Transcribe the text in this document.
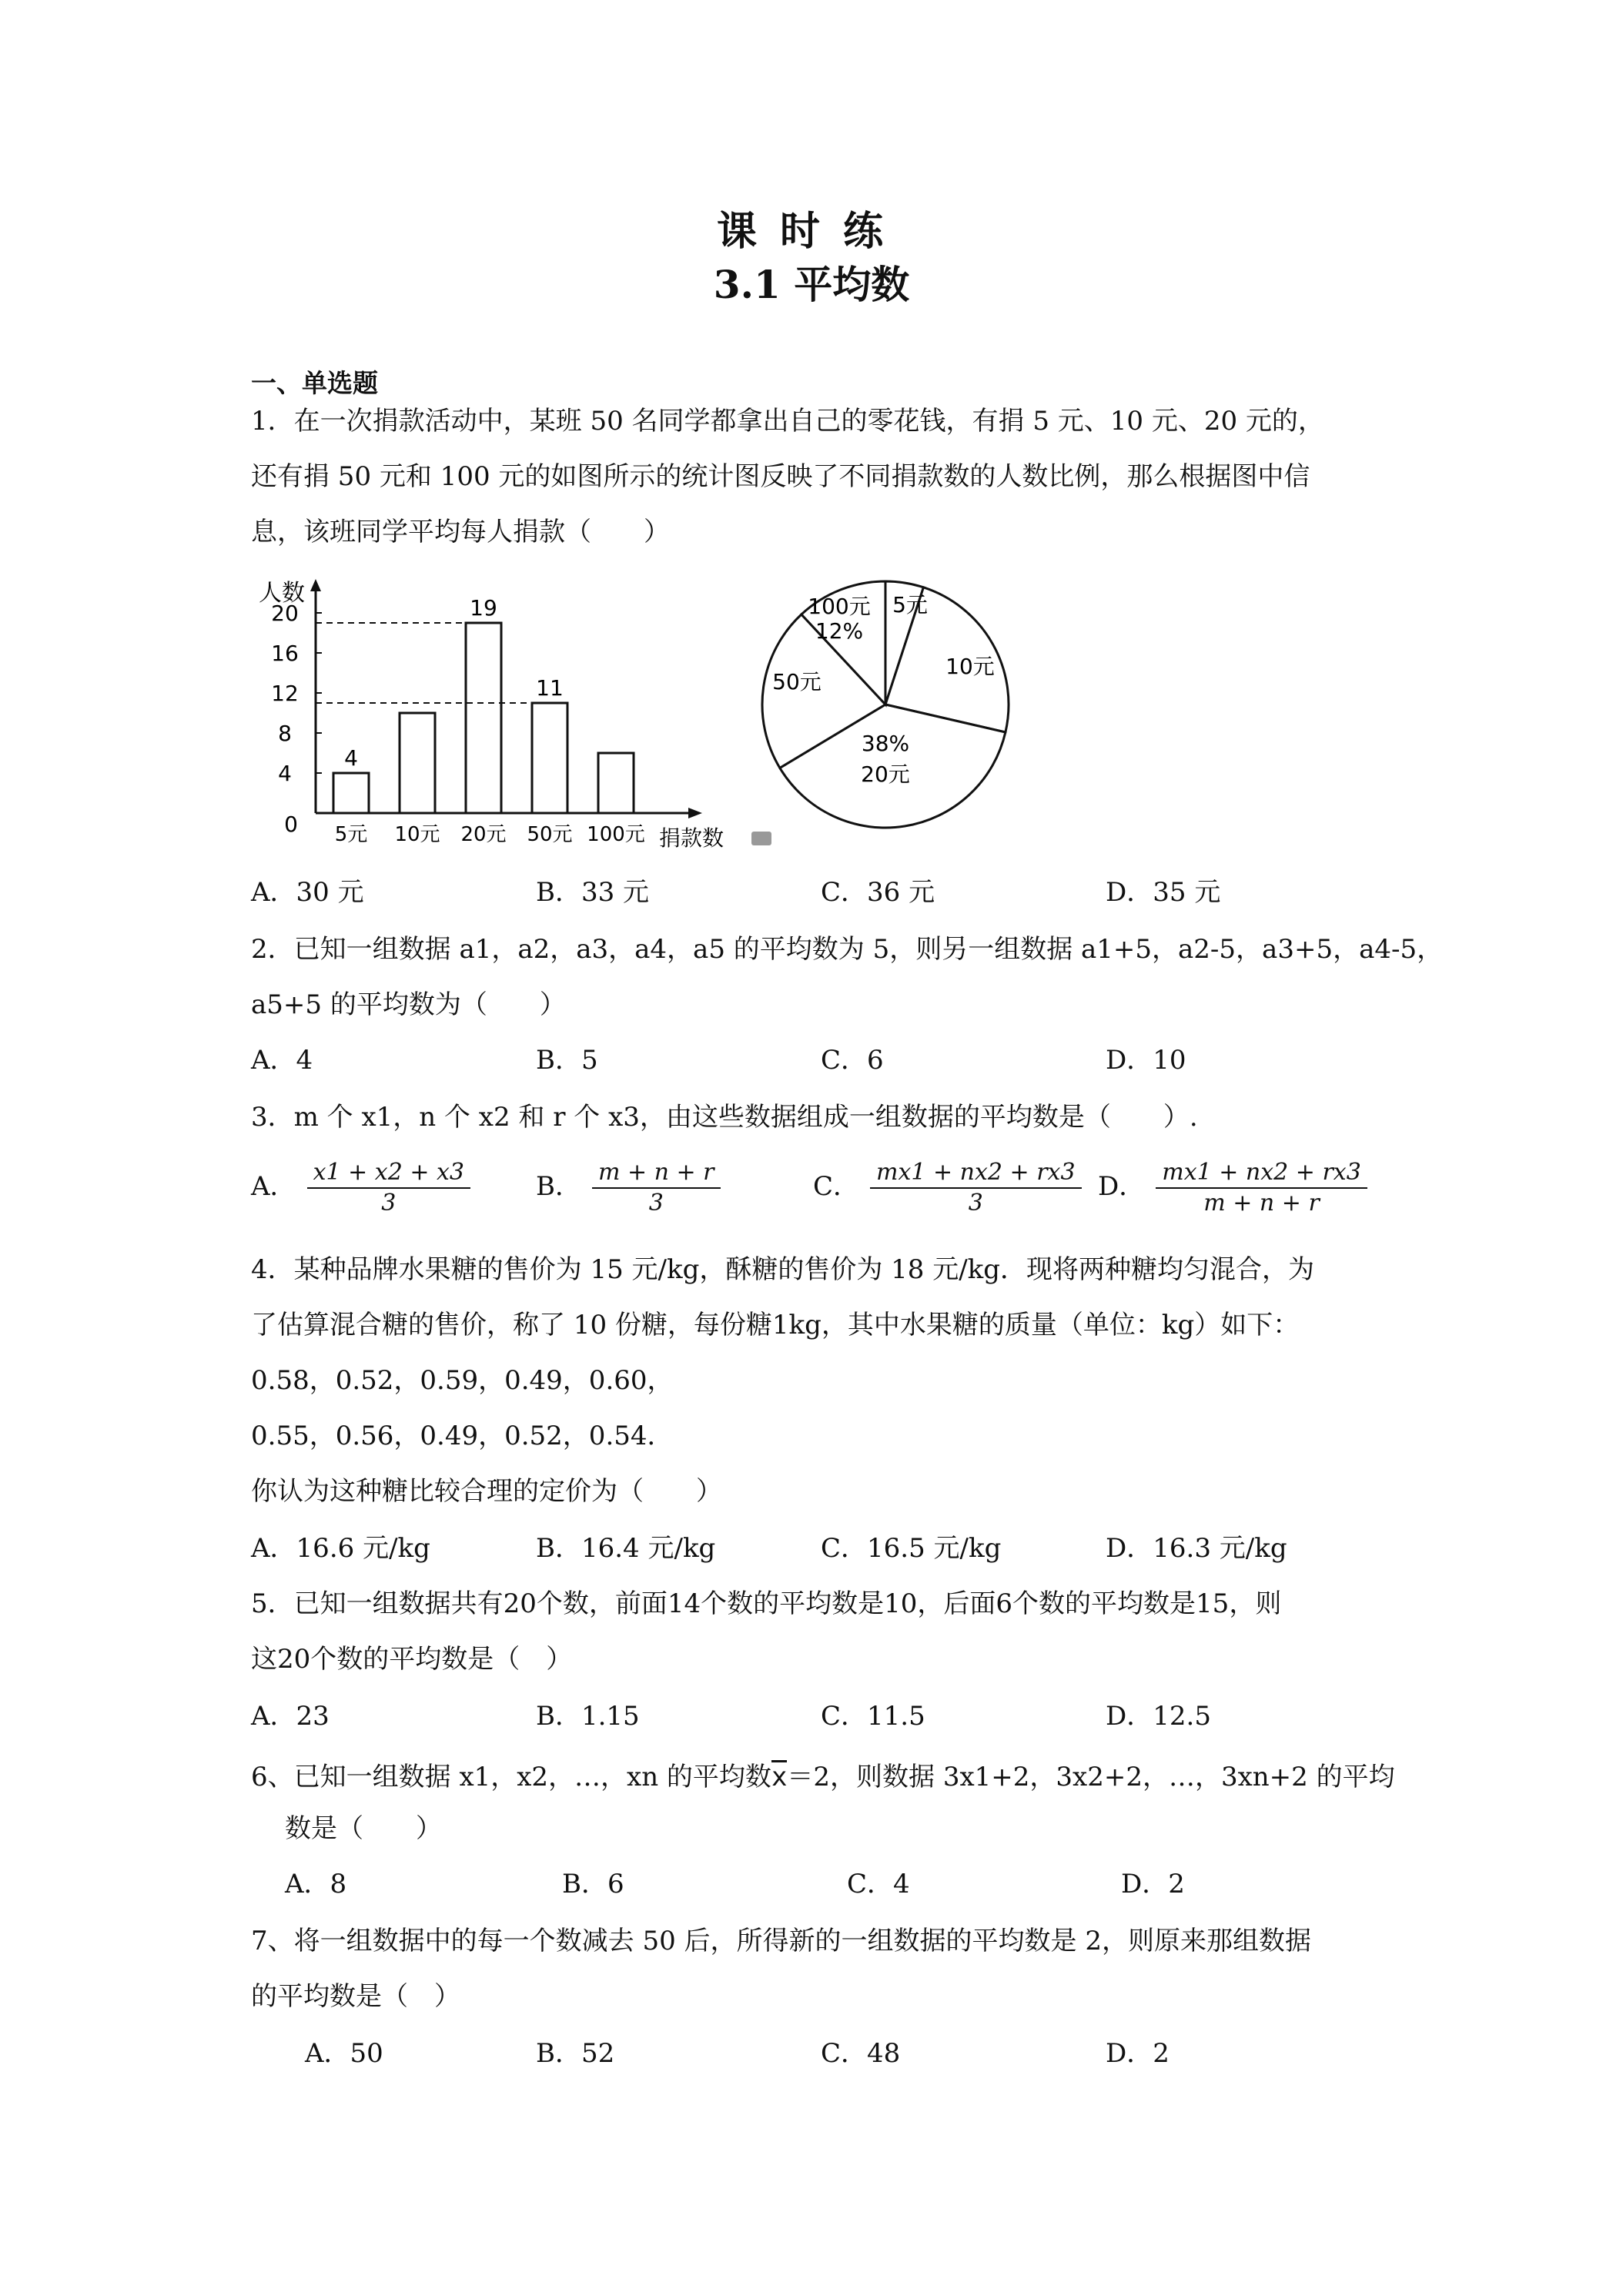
课时练
3.1 平均数
一、单选题
1．在一次捐款活动中，某班 50 名同学都拿出自己的零花钱，有捐 5 元、10 元、20 元的，
还有捐 50 元和 100 元的如图所示的统计图反映了不同捐款数的人数比例，那么根据图中信
息，该班同学平均每人捐款（　　）
人数
捐款数
0
4
8
12
16
20
5元
4
10元 20元
19
50元
11
100元
5元
10元
20元
38%
50元
100元
12%
A．30 元	B．33 元	C．36 元	D．35 元
2．已知一组数据 a1，a2，a3，a4，a5 的平均数为 5，则另一组数据 a1+5，a2-5，a3+5，a4-5，
a5+5 的平均数为（　　）
A．4	B．5	C．6	D．10
3．m 个 x1，n 个 x2 和 r 个 x3，由这些数据组成一组数据的平均数是（　　）.
A． $\frac{x1 + x2 + x3}{3}$	B． $\frac{m + n + r}{3}$	C． $\frac{mx1 + nx2 + rx3}{3}$ D． $\frac{mx1 + nx2 + rx3}{m + n + r}$
4．某种品牌水果糖的售价为 15 元/kg，酥糖的售价为 18 元/kg．现将两种糖均匀混合，为
了估算混合糖的售价，称了 10 份糖，每份糖1kg，其中水果糖的质量（单位：kg）如下：
0.58，0.52，0.59，0.49，0.60，
0.55，0.56，0.49，0.52，0.54．
你认为这种糖比较合理的定价为（　　）
A．16.6 元/kg	B．16.4 元/kg	C．16.5 元/kg	D．16.3 元/kg
5．已知一组数据共有20个数，前面14个数的平均数是10，后面6个数的平均数是15，则
这20个数的平均数是（　）
A．23	B．1.15	C．11.5	D．12.5
6、已知一组数据 x1，x2，…，xn 的平均数x＝2，则数据 3x1+2，3x2+2，…，3xn+2 的平均
数是（　　）
A．8	B．6	C．4	D．2
7、将一组数据中的每一个数减去 50 后，所得新的一组数据的平均数是 2，则原来那组数据
的平均数是（　）
A．50	B．52	C．48	D．2
